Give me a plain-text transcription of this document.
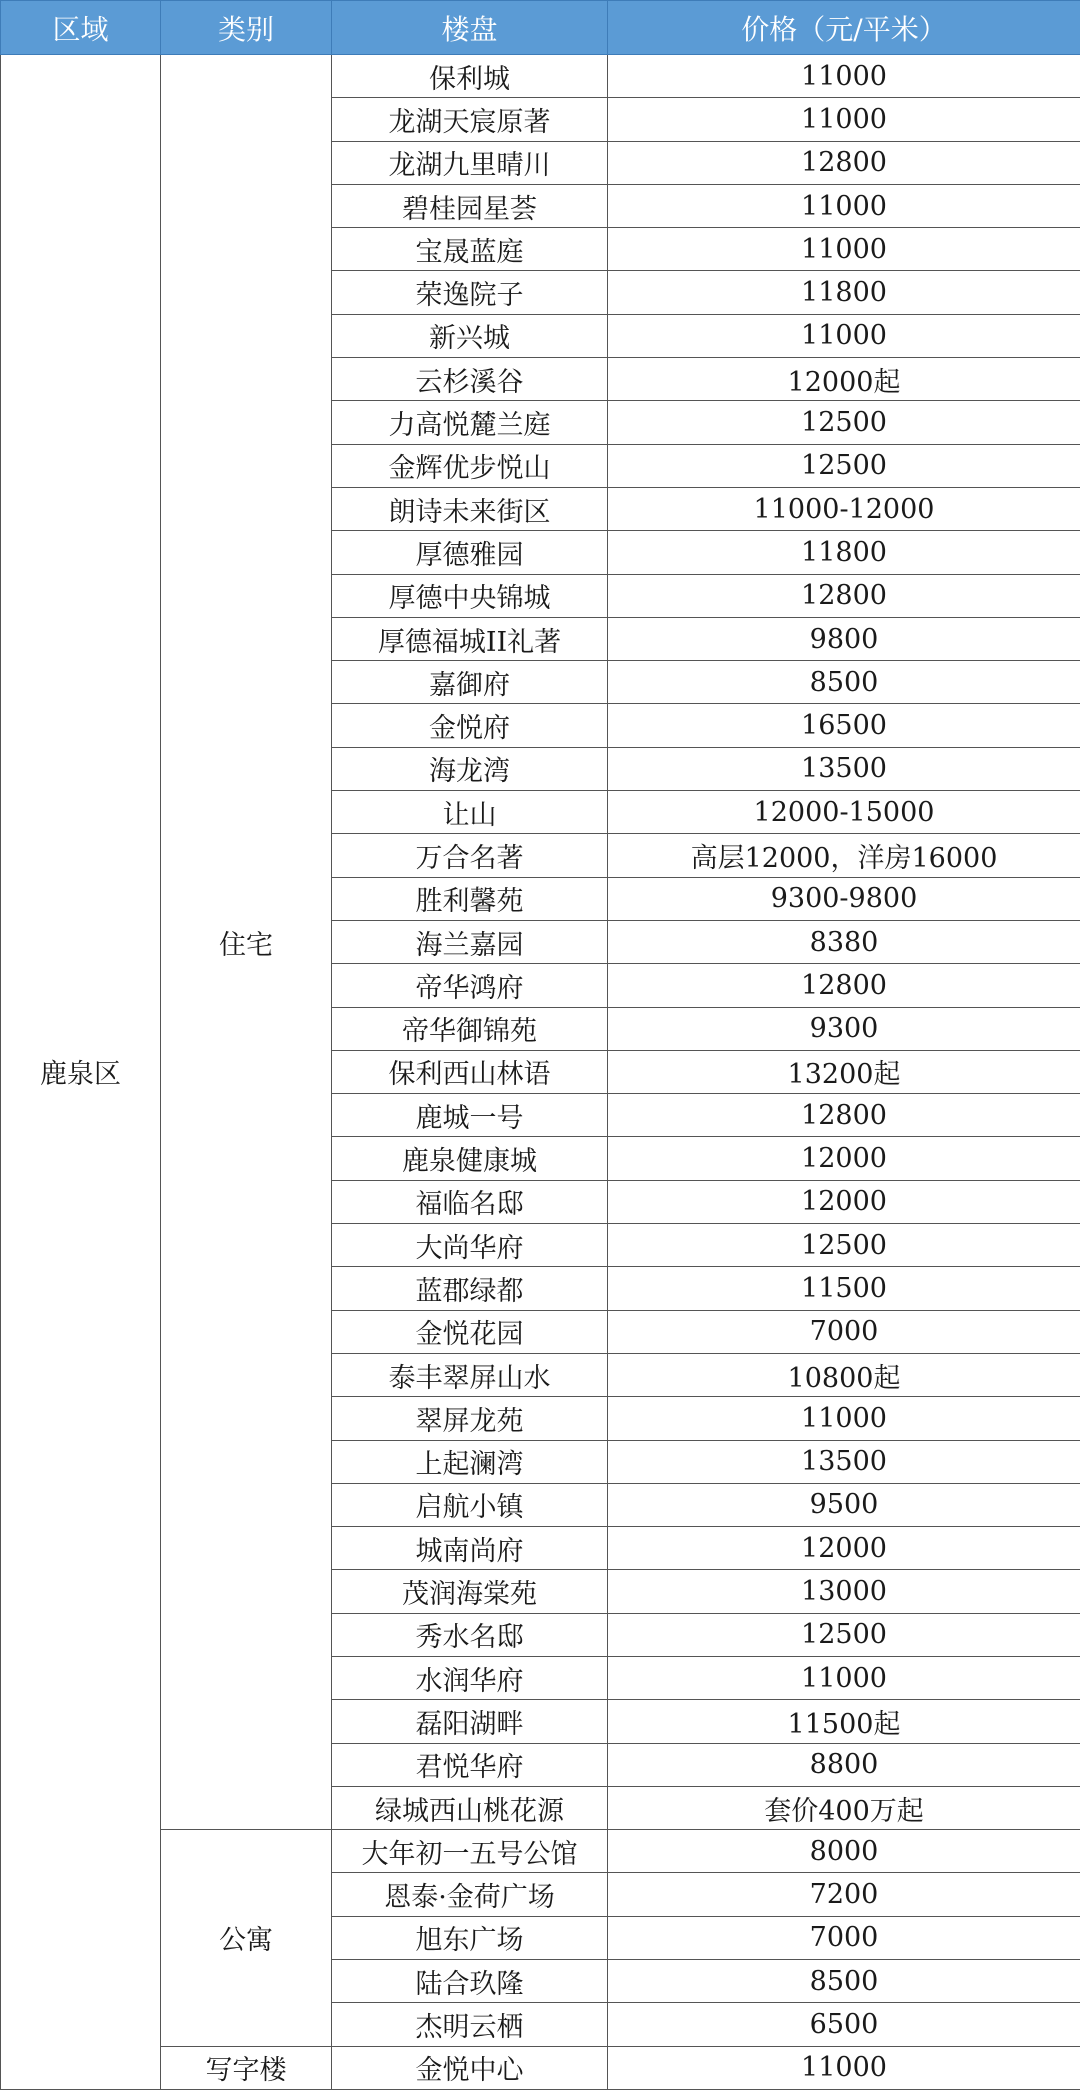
区域	类别	楼盘	价格（元/平米）
鹿泉区	住宅	保利城	11000
		龙湖天宸原著	11000
		龙湖九里晴川	12800
		碧桂园星荟	11000
		宝晟蓝庭	11000
		荣逸院子	11800
		新兴城	11000
		云杉溪谷	12000起
		力高悦麓兰庭	12500
		金辉优步悦山	12500
		朗诗未来街区	11000-12000
		厚德雅园	11800
		厚德中央锦城	12800
		厚德福城II礼著	9800
		嘉御府	8500
		金悦府	16500
		海龙湾	13500
		让山	12000-15000
		万合名著	高层12000，洋房16000
		胜利馨苑	9300-9800
		海兰嘉园	8380
		帝华鸿府	12800
		帝华御锦苑	9300
		保利西山林语	13200起
		鹿城一号	12800
		鹿泉健康城	12000
		福临名邸	12000
		大尚华府	12500
		蓝郡绿都	11500
		金悦花园	7000
		泰丰翠屏山水	10800起
		翠屏龙苑	11000
		上起澜湾	13500
		启航小镇	9500
		城南尚府	12000
		茂润海棠苑	13000
		秀水名邸	12500
		水润华府	11000
		磊阳湖畔	11500起
		君悦华府	8800
		绿城西山桃花源	套价400万起
	公寓	大年初一五号公馆	8000
		恩泰·金荷广场	7200
		旭东广场	7000
		陆合玖隆	8500
		杰明云栖	6500
	写字楼	金悦中心	11000
